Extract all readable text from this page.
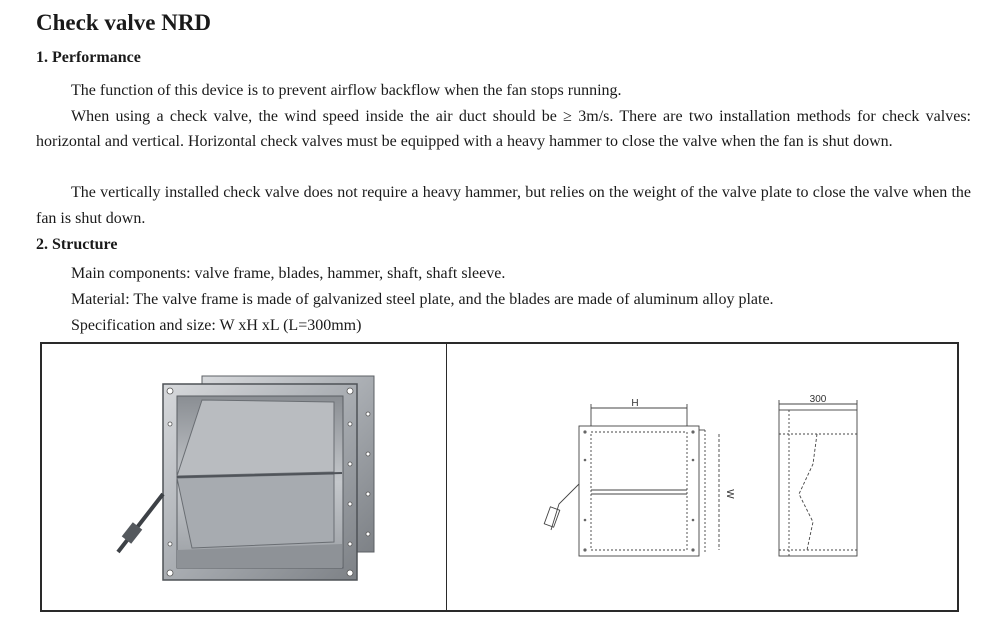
Check valve NRD
1. Performance

The function of this device is to prevent airflow backflow when the fan stops running.

When using a check valve, the wind speed inside the air duct should be ≥ 3m/s. There are two installation methods for check valves: horizontal and vertical. Horizontal check valves must be equipped with a heavy hammer to close the valve when the fan is shut down.

The vertically installed check valve does not require a heavy hammer, but relies on the weight of the valve plate to close the valve when the fan is shut down.

2. Structure
Main components: valve frame, blades, hammer, shaft, shaft sleeve.
Material: The valve frame is made of galvanized steel plate, and the blades are made of aluminum alloy plate.
Specification and size: W xH xL (L=300mm)
H
W
300
